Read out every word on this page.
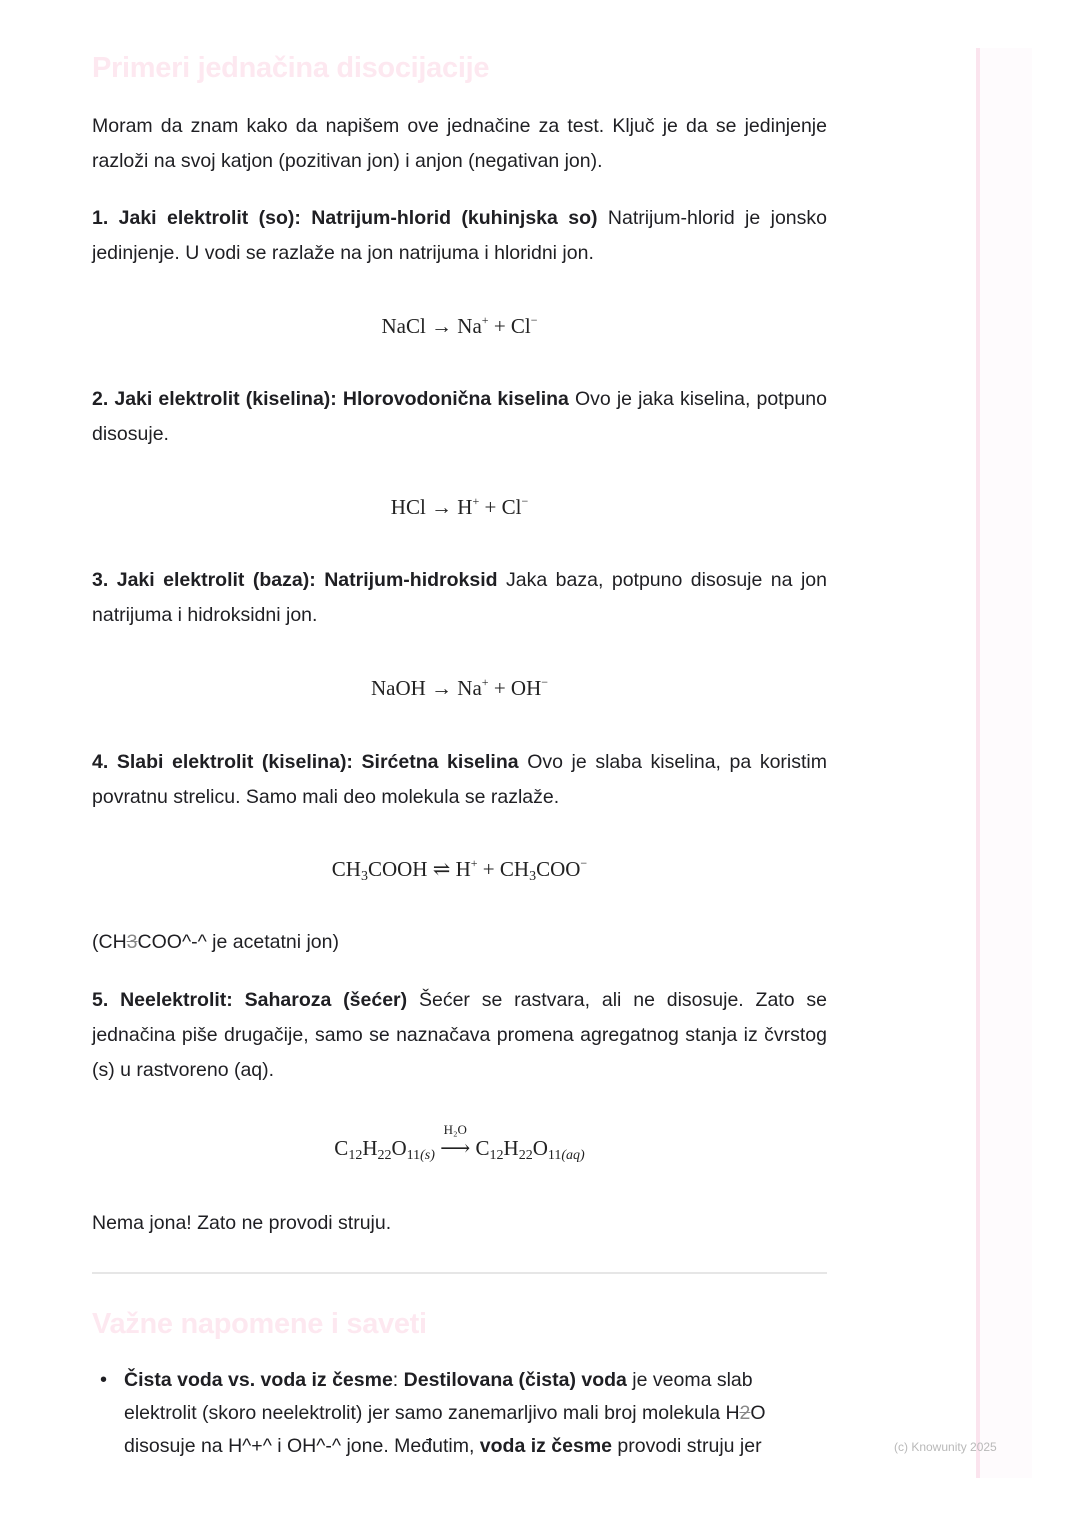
Primeri jednačina disocijacije

Moram da znam kako da napišem ove jednačine za test. Ključ je da se jedinjenje razloži na svoj katjon (pozitivan jon) i anjon (negativan jon).

1. Jaki elektrolit (so): Natrijum-hlorid (kuhinjska so) Natrijum-hlorid je jonsko jedinjenje. U vodi se razlaže na jon natrijuma i hloridni jon.

NaCl → Na+ + Cl−

2. Jaki elektrolit (kiselina): Hlorovodonična kiselina Ovo je jaka kiselina, potpuno disosuje.

HCl → H+ + Cl−

3. Jaki elektrolit (baza): Natrijum-hidroksid Jaka baza, potpuno disosuje na jon natrijuma i hidroksidni jon.

NaOH → Na+ + OH−

4. Slabi elektrolit (kiselina): Sirćetna kiselina Ovo je slaba kiselina, pa koristim povratnu strelicu. Samo mali deo molekula se razlaže.

$CH_3COOH$ ⇌ $H^+ + CH_3COO^-$

(CH3COO^-^ je acetatni jon)

5. Neelektrolit: Saharoza (šećer) Šećer se rastvara, ali ne disosuje. Zato se jednačina piše drugačije, samo se naznačava promena agregatnog stanja iz čvrstog (s) u rastvoreno (aq).

$C_{12}H_{22}O_{11(s)}$
H₂O
⟶ $C_{12}H_{22}O_{11(aq)}$

Nema jona! Zato ne provodi struju.

Važne napomene i saveti
• Čista voda vs. voda iz česme: Destilovana (čista) voda je veoma slab elektrolit (skoro neelektrolit) jer samo zanemarljivo mali broj molekula H2O disosuje na H^+^ i OH^-^ jone. Međutim, voda iz česme provodi struju jer	(c) Knowunity 2025
